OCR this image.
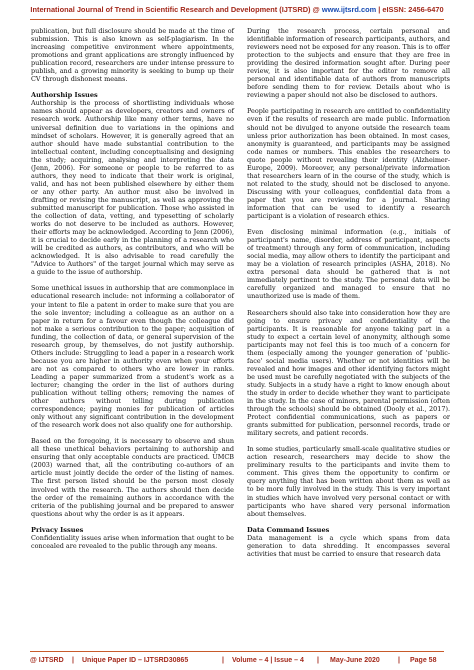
International Journal of Trend in Scientific Research and Development (IJTSRD) @ www.ijtsrd.com | eISSN: 2456-6470

publication, but full disclosure should be made at the time of submission. This is also known as self-plagiarism. In the increasing competitive environment where appointments, promotions and grant applications are strongly influenced by publication record, researchers are under intense pressure to publish, and a growing minority is seeking to bump up their CV through dishonest means.

Authorship Issues

Authorship is the process of shortlisting individuals whose names should appear as developers, creators and owners of research work. Authorship like many other terms, have no universal definition due to variations in the opinions and mindset of scholars. However, it is generally agreed that an author should have made substantial contribution to the intellectual content, including conceptualising and designing the study; acquiring, analysing and interpreting the data (Jenn, 2006). For someone or people to be referred to as authors, they need to indicate that their work is original, valid, and has not been published elsewhere by either them or any other party. An author must also be involved in drafting or revising the manuscript, as well as approving the submitted manuscript for publication. Those who assisted in the collection of data, vetting, and typesetting of scholarly works do not deserve to be included as authors. However, their efforts may be acknowledged. According to Jenn (2006), it is crucial to decide early in the planning of a research who will be credited as authors, as contributors, and who will be acknowledged. It is also advisable to read carefully the "Advice to Authors" of the target journal which may serve as a guide to the issue of authorship.

Some unethical issues in authorship that are commonplace in educational research include: not informing a collaborator of your intent to file a patent in order to make sure that you are the sole inventor; including a colleague as an author on a paper in return for a favour even though the colleague did not make a serious contribution to the paper; acquisition of funding, the collection of data, or general supervision of the research group, by themselves, do not justify authorship. Others include: Struggling to lead a paper in a research work because you are higher in authority even when your efforts are not as compared to others who are lower in ranks. Leading a paper summarized from a student's work as a lecturer; changing the order in the list of authors during publication without telling others; removing the names of other authors without telling during publication correspondence; paying monies for publication of articles only without any significant contribution in the development of the research work does not also qualify one for authorship.

Based on the foregoing, it is necessary to observe and shun all these unethical behaviors pertaining to authorship and ensuring that only acceptable conducts are practiced. UMCB (2003) warned that, all the contributing co-authors of an article must jointly decide the order of the listing of names. The first person listed should be the person most closely involved with the research. The authors should then decide the order of the remaining authors in accordance with the criteria of the publishing journal and be prepared to answer questions about why the order is as it appears.

Privacy Issues

Confidentiality issues arise when information that ought to be concealed are revealed to the public through any means.

During the research process, certain personal and identifiable information of research participants, authors, and reviewers need not be exposed for any reason. This is to offer protection to the subjects and ensure that they are free in providing the desired information sought after. During peer review, it is also important for the editor to remove all personal and identifiable data of authors from manuscripts before sending them to for review. Details about who is reviewing a paper should not also be disclosed to authors.

People participating in research are entitled to confidentiality even if the results of research are made public. Information should not be divulged to anyone outside the research team unless prior authorization has been obtained. In most cases, anonymity is guaranteed, and participants may be assigned code names or numbers. This enables the researchers to quote people without revealing their identity (Alzheimer-Europe, 2009). Moreover, any personal/private information that researchers learn of in the course of the study, which is not related to the study, should not be disclosed to anyone. Discussing with your colleagues, confidential data from a paper that you are reviewing for a journal. Sharing information that can be used to identify a research participant is a violation of research ethics.

Even disclosing minimal information (e.g., initials of participant's name, disorder, address of participant, aspects of treatment) through any form of communication, including social media, may allow others to identify the participant and may be a violation of research principles (ASHA, 2018). No extra personal data should be gathered that is not immediately pertinent to the study. The personal data will be carefully organized and managed to ensure that no unauthorized use is made of them.

Researchers should also take into consideration how they are going to ensure privacy and confidentiality of the participants. It is reasonable for anyone taking part in a study to expect a certain level of anonymity, although some participants may not feel this is too much of a concern for them (especially among the younger generation of 'public-face' social media users). Whether or not identities will be revealed and how images and other identifying factors might be used must be carefully negotiated with the subjects of the study. Subjects in a study have a right to know enough about the study in order to decide whether they want to participate in the study. In the case of minors, parental permission (often through the schools) should be obtained (Dooly et al., 2017). Protect confidential communications, such as papers or grants submitted for publication, personnel records, trade or military secrets, and patient records.

In some studies, particularly small-scale qualitative studies or action research, researchers may decide to show the preliminary results to the participants and invite them to comment. This gives them the opportunity to confirm or query anything that has been written about them as well as to be more fully involved in the study. This is very important in studies which have involved very personal contact or with participants who have shared very personal information about themselves.

Data Command Issues

Data management is a cycle which spans from data generation to data shredding. It encompasses several activities that must be carried to ensure that research data

@ IJTSRD | Unique Paper ID – IJTSRD30865	| Volume – 4 | Issue – 4 | May-June 2020	| Page 58
